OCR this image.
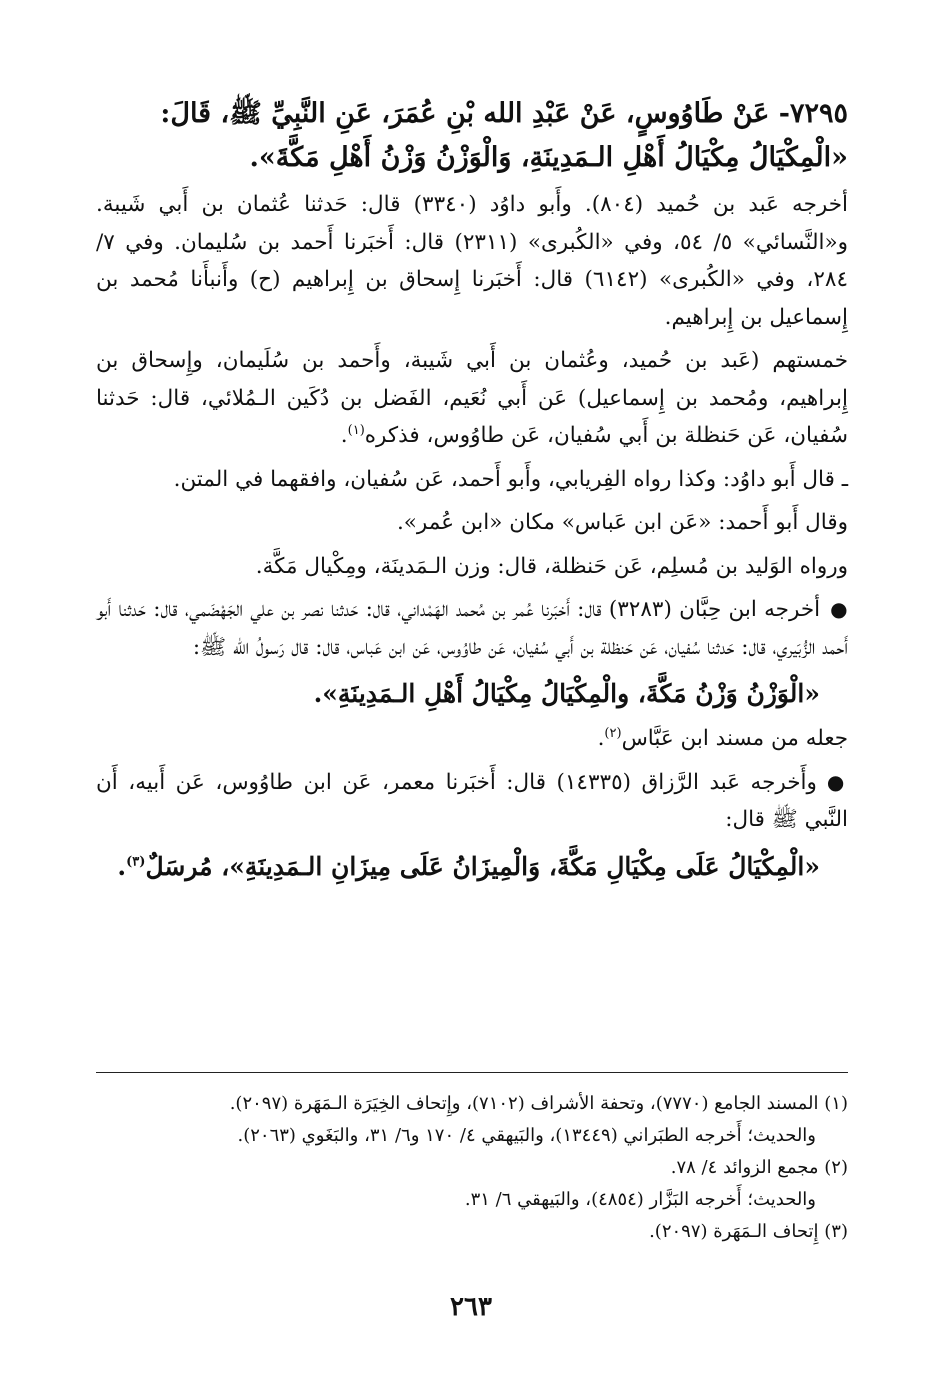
٧٢٩٥- عَنْ طَاوُوسٍ، عَنْ عَبْدِ الله بْنِ عُمَرَ، عَنِ النَّبِيِّ ﷺ، قَالَ:
«الْمِكْيَالُ مِكْيَالُ أَهْلِ الـمَدِينَةِ، وَالْوَزْنُ وَزْنُ أَهْلِ مَكَّةَ».

أخرجه عَبد بن حُميد (٨٠٤). وأَبو داوُد (٣٣٤٠) قال: حَدثنا عُثمان بن أَبي شَيبة. و«النَّسائي» ٥/ ٥٤، وفي «الكُبرى» (٢٣١١) قال: أَخبَرنا أَحمد بن سُليمان. وفي ٧/ ٢٨٤، وفي «الكُبرى» (٦١٤٢) قال: أَخبَرنا إِسحاق بن إِبراهيم (ح) وأَنبأَنا مُحمد بن إِسماعيل بن إِبراهيم.

خمستهم (عَبد بن حُميد، وعُثمان بن أَبي شَيبة، وأَحمد بن سُلَيمان، وإِسحاق بن إِبراهيم، ومُحمد بن إِسماعيل) عَن أَبي نُعَيم، الفَضل بن دُكَين الـمُلائي، قال: حَدثنا سُفيان، عَن حَنظلة بن أَبي سُفيان، عَن طاوُوس، فذكره$^{(١)}$.

ـ قال أَبو داوُد: وكذا رواه الفِريابي، وأَبو أَحمد، عَن سُفيان، وافقهما في المتن.

وقال أَبو أَحمد: «عَن ابن عَباس» مكان «ابن عُمر».

ورواه الوَليد بن مُسلِم، عَن حَنظلة، قال: وزن الـمَدينَة، ومِكْيال مَكَّة.

●أخرجه ابن حِبَّان (٣٢٨٣) قال: أَخبَرنا عُمر بن مُحمد الهَمْداني، قال: حَدثنا نصر بن علي الجَهْضَمي، قال: حَدثنا أَبو أَحمد الزُّبَيري، قال: حَدثنا سُفيان، عَن حَنظلة بن أَبي سُفيان، عَن طاوُوس، عَن ابن عَباس، قال: قال رَسولُ الله ﷺ:

«الْوَزْنُ وَزْنُ مَكَّةَ، والْمِكْيَالُ مِكْيَالُ أَهْلِ الـمَدِينَةِ».

جعله من مسند ابن عَبَّاس$^{(٢)}$.

●وأَخرجه عَبد الرَّزاق (١٤٣٣٥) قال: أَخبَرنا معمر، عَن ابن طاوُوس، عَن أَبيه، أَن النَّبي ﷺ قال:

«الْمِكْيَالُ عَلَى مِكْيَالِ مَكَّةَ، وَالْمِيزَانُ عَلَى مِيزَانِ الـمَدِينَةِ»، مُرسَلٌ$^{(٣)}$.

(١) المسند الجامع (٧٧٧٠)، وتحفة الأشراف (٧١٠٢)، وإِتحاف الخِيَرَة الـمَهَرة (٢٠٩٧).

والحديث؛ أَخرجه الطبَراني (١٣٤٤٩)، والبَيهقي ٤/ ١٧٠ و٦/ ٣١، والبَغَوي (٢٠٦٣).

(٢) مجمع الزوائد ٤/ ٧٨.

والحديث؛ أَخرجه البَزَّار (٤٨٥٤)، والبَيهقي ٦/ ٣١.

(٣) إِتحاف الـمَهَرة (٢٠٩٧).

٢٦٣
